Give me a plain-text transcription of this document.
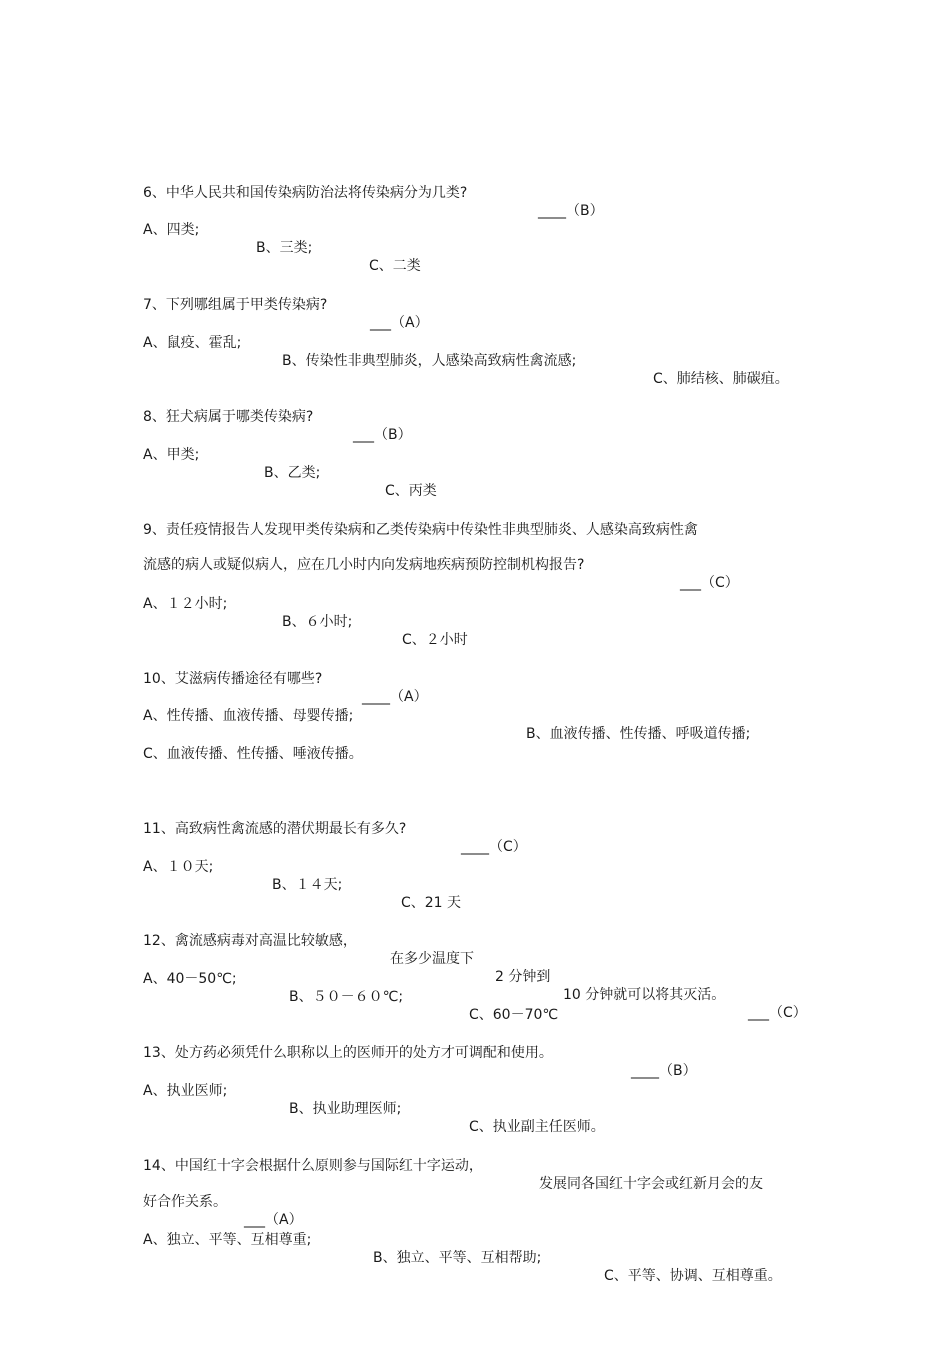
6、中华人民共和国传染病防治法将传染病分为几类?

____（B）

A、四类;

B、三类;

C、二类

7、下列哪组属于甲类传染病?

___（A）

A、鼠疫、霍乱;

B、传染性非典型肺炎，人感染高致病性禽流感;

C、肺结核、肺碳疽。

8、狂犬病属于哪类传染病?

___（B）

A、甲类;

B、乙类;

C、丙类

9、责任疫情报告人发现甲类传染病和乙类传染病中传染性非典型肺炎、人感染高致病性禽

流感的病人或疑似病人，应在几小时内向发病地疾病预防控制机构报告?

___（C）

A、１２小时;

B、６小时;

C、２小时

10、艾滋病传播途径有哪些?

____（A）

A、性传播、血液传播、母婴传播;

B、血液传播、性传播、呼吸道传播;

C、血液传播、性传播、唾液传播。

11、高致病性禽流感的潜伏期最长有多久?

____（C）

A、１０天;

B、１４天;

C、21 天

12、禽流感病毒对高温比较敏感，

在多少温度下

2 分钟到

10 分钟就可以将其灭活。

___（C）

A、40－50℃;

B、５０－６０℃;

C、60－70℃

13、处方药必须凭什么职称以上的医师开的处方才可调配和使用。

____（B）

A、执业医师;

B、执业助理医师;

C、执业副主任医师。

14、中国红十字会根据什么原则参与国际红十字运动，

发展同各国红十字会或红新月会的友

好合作关系。

___（A）

A、独立、平等、互相尊重;

B、独立、平等、互相帮助;

C、平等、协调、互相尊重。
